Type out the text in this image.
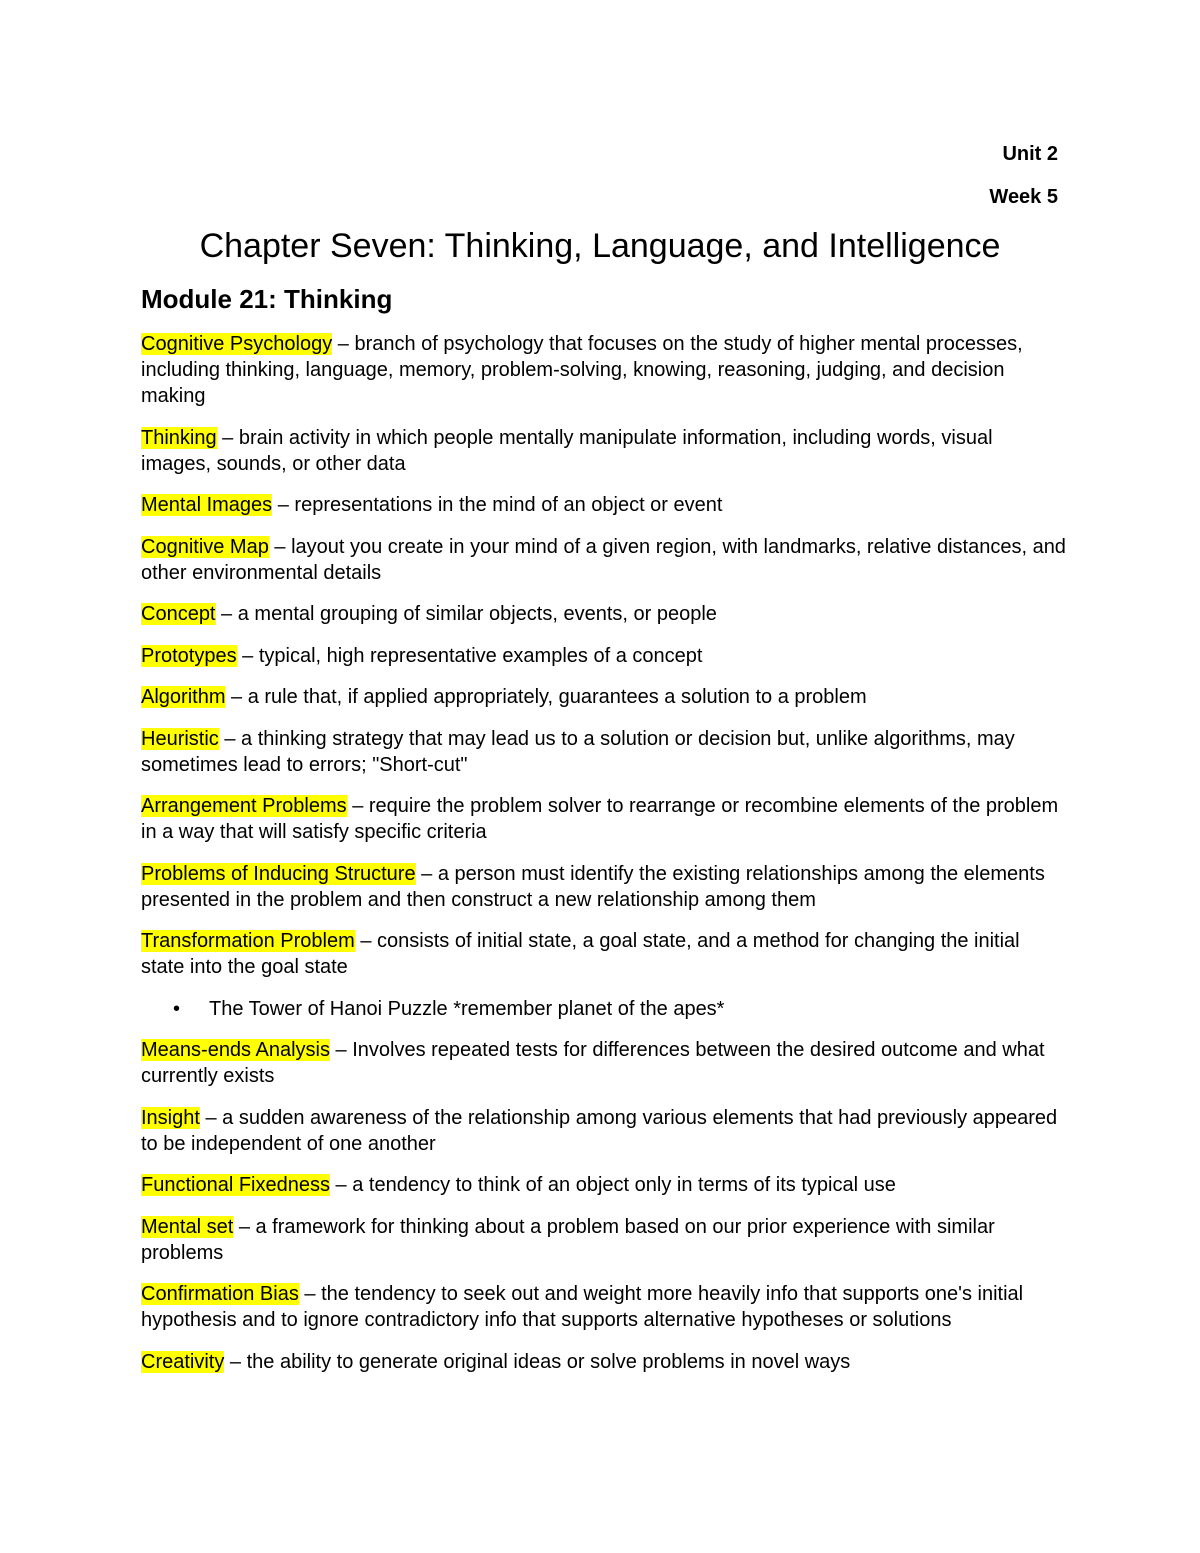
Unit 2
Week 5
Chapter Seven: Thinking, Language, and Intelligence
Module 21: Thinking

Cognitive Psychology – branch of psychology that focuses on the study of higher mental processes, including thinking, language, memory, problem-solving, knowing, reasoning, judging, and decision making

Thinking – brain activity in which people mentally manipulate information, including words, visual images, sounds, or other data

Mental Images – representations in the mind of an object or event

Cognitive Map – layout you create in your mind of a given region, with landmarks, relative distances, and other environmental details

Concept – a mental grouping of similar objects, events, or people

Prototypes – typical, high representative examples of a concept

Algorithm – a rule that, if applied appropriately, guarantees a solution to a problem

Heuristic – a thinking strategy that may lead us to a solution or decision but, unlike algorithms, may sometimes lead to errors; "Short-cut"

Arrangement Problems – require the problem solver to rearrange or recombine elements of the problem in a way that will satisfy specific criteria

Problems of Inducing Structure – a person must identify the existing relationships among the elements presented in the problem and then construct a new relationship among them

Transformation Problem – consists of initial state, a goal state, and a method for changing the initial state into the goal state

• The Tower of Hanoi Puzzle *remember planet of the apes*

Means-ends Analysis – Involves repeated tests for differences between the desired outcome and what currently exists

Insight – a sudden awareness of the relationship among various elements that had previously appeared to be independent of one another

Functional Fixedness – a tendency to think of an object only in terms of its typical use

Mental set – a framework for thinking about a problem based on our prior experience with similar problems

Confirmation Bias – the tendency to seek out and weight more heavily info that supports one's initial hypothesis and to ignore contradictory info that supports alternative hypotheses or solutions

Creativity – the ability to generate original ideas or solve problems in novel ways
